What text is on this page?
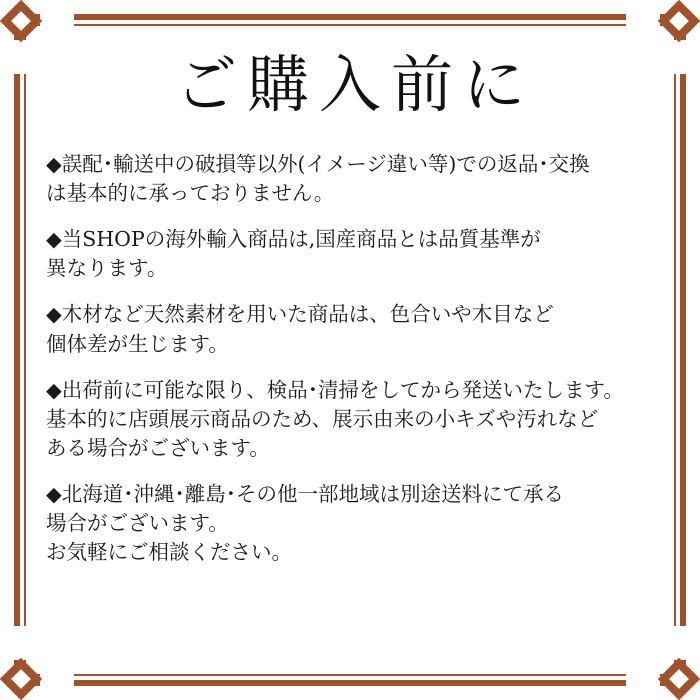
ご購入前に
◆誤配･輸送中の破損等以外(イメージ違い等)での返品･交換
は基本的に承っておりません。
◆当SHOPの海外輸入商品は,国産商品とは品質基準が
異なります。
◆木材など天然素材を用いた商品は、色合いや木目など
個体差が生じます。
◆出荷前に可能な限り、検品･清掃をしてから発送いたします。
基本的に店頭展示商品のため、展示由来の小キズや汚れなど
ある場合がございます。
◆北海道･沖縄･離島･その他一部地域は別途送料にて承る
場合がございます。
お気軽にご相談ください。
